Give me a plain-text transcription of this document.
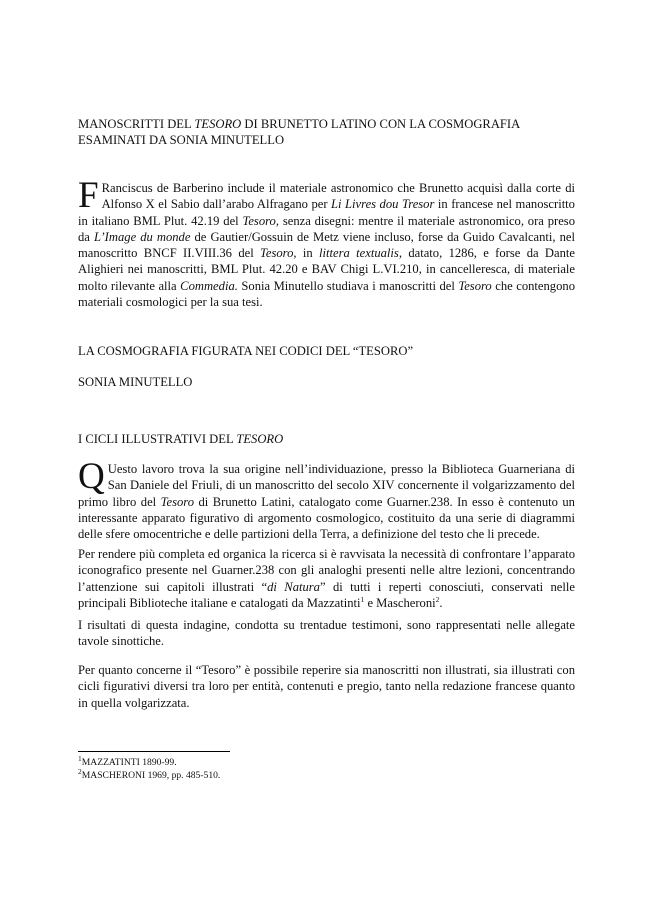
MANOSCRITTI DEL TESORO DI BRUNETTO LATINO CON LA COSMOGRAFIA
ESAMINATI DA SONIA MINUTELLO
F Ranciscus de Barberino include il materiale astronomico che Brunetto acquisì dalla corte di Alfonso X el Sabio dall’arabo Alfragano per Li Livres dou Tresor in francese nel manoscritto in italiano BML Plut. 42.19 del Tesoro, senza disegni: mentre il materiale astronomico, ora preso da L’Image du monde de Gautier/Gossuin de Metz viene incluso, forse da Guido Cavalcanti, nel manoscritto BNCF II.VIII.36 del Tesoro, in littera textualis, datato, 1286, e forse da Dante Alighieri nei manoscritti, BML Plut. 42.20 e BAV Chigi L.VI.210, in cancelleresca, di materiale molto rilevante alla Commedia. Sonia Minutello studiava i manoscritti del Tesoro che contengono materiali cosmologici per la sua tesi.
LA COSMOGRAFIA FIGURATA NEI CODICI DEL “TESORO”
SONIA MINUTELLO
I CICLI ILLUSTRATIVI DEL TESORO
Q Uesto lavoro trova la sua origine nell’individuazione, presso la Biblioteca Guarneriana di San Daniele del Friuli, di un manoscritto del secolo XIV concernente il volgarizzamento del primo libro del Tesoro di Brunetto Latini, catalogato come Guarner.238. In esso è contenuto un interessante apparato figurativo di argomento cosmologico, costituito da una serie di diagrammi delle sfere omocentriche e delle partizioni della Terra, a definizione del testo che li precede.
Per rendere più completa ed organica la ricerca si è ravvisata la necessità di confrontare l’apparato iconografico presente nel Guarner.238 con gli analoghi presenti nelle altre lezioni, concentrando l’attenzione sui capitoli illustrati “di Natura” di tutti i reperti conosciuti, conservati nelle principali Biblioteche italiane e catalogati da Mazzatinti$^1$ e Mascheroni$^2$.
I risultati di questa indagine, condotta su trentadue testimoni, sono rappresentati nelle allegate tavole sinottiche.
Per quanto concerne il “Tesoro” è possibile reperire sia manoscritti non illustrati, sia illustrati con cicli figurativi diversi tra loro per entità, contenuti e pregio, tanto nella redazione francese quanto in quella volgarizzata.
$^1$MAZZATINTI 1890-99.
$^2$MASCHERONI 1969, pp. 485-510.
